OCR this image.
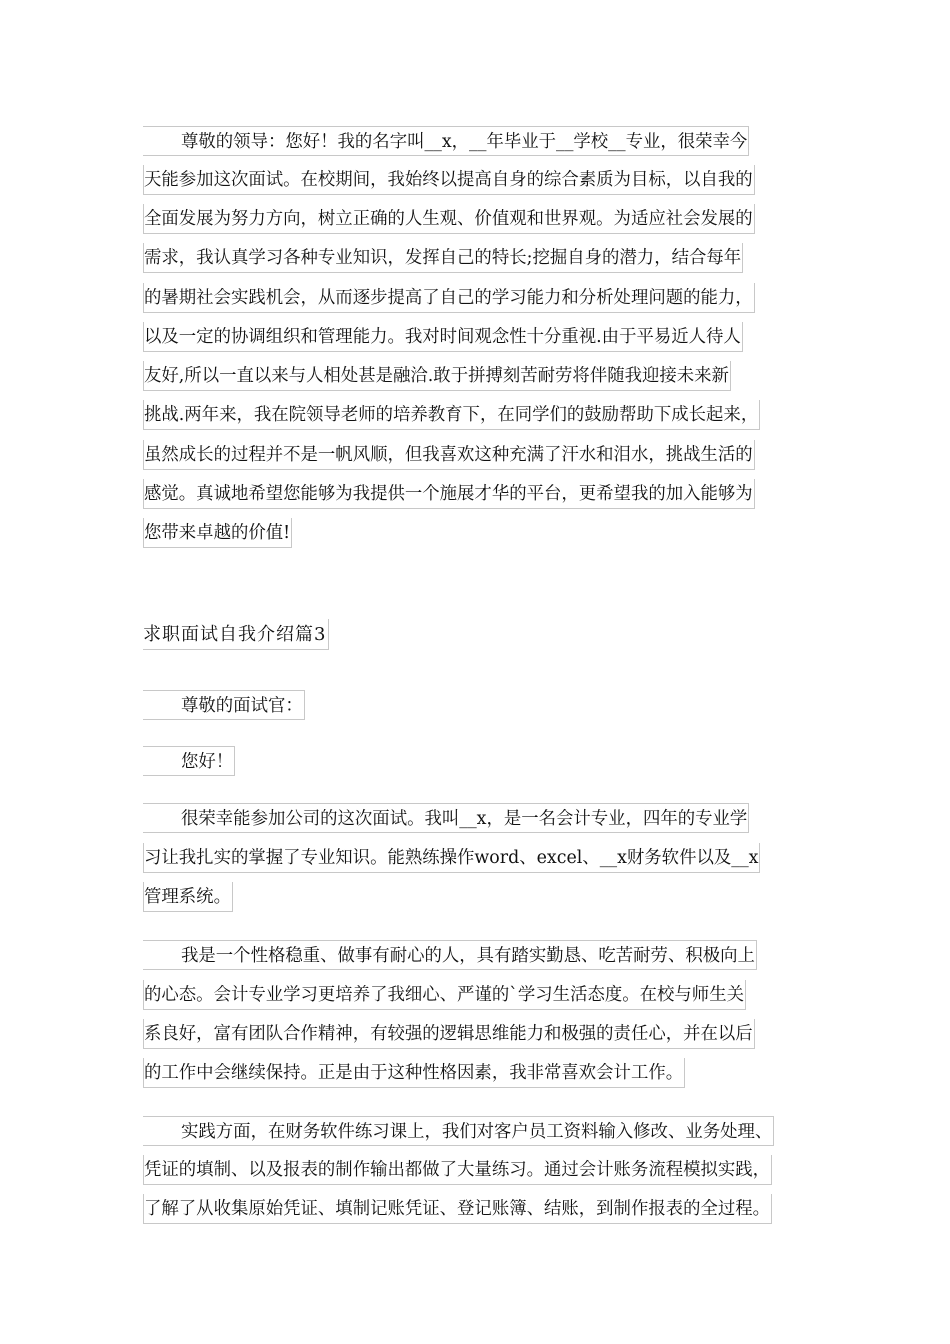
尊敬的领导：您好！我的名字叫__x，__年毕业于__学校__专业，很荣幸今
天能参加这次面试。在校期间，我始终以提高自身的综合素质为目标，以自我的
全面发展为努力方向，树立正确的人生观、价值观和世界观。为适应社会发展的
需求，我认真学习各种专业知识，发挥自己的特长;挖掘自身的潜力，结合每年
的暑期社会实践机会，从而逐步提高了自己的学习能力和分析处理问题的能力，
以及一定的协调组织和管理能力。我对时间观念性十分重视.由于平易近人待人
友好,所以一直以来与人相处甚是融洽.敢于拼搏刻苦耐劳将伴随我迎接未来新
挑战.两年来，我在院领导老师的培养教育下，在同学们的鼓励帮助下成长起来，
虽然成长的过程并不是一帆风顺，但我喜欢这种充满了汗水和泪水，挑战生活的
感觉。真诚地希望您能够为我提供一个施展才华的平台，更希望我的加入能够为
您带来卓越的价值!
求职面试自我介绍篇3
尊敬的面试官：
您好！
很荣幸能参加公司的这次面试。我叫__x，是一名会计专业，四年的专业学
习让我扎实的掌握了专业知识。能熟练操作word、excel、__x财务软件以及__x
管理系统。
我是一个性格稳重、做事有耐心的人，具有踏实勤恳、吃苦耐劳、积极向上
的心态。会计专业学习更培养了我细心、严谨的`学习生活态度。在校与师生关
系良好，富有团队合作精神，有较强的逻辑思维能力和极强的责任心，并在以后
的工作中会继续保持。正是由于这种性格因素，我非常喜欢会计工作。
实践方面，在财务软件练习课上，我们对客户员工资料输入修改、业务处理、
凭证的填制、以及报表的制作输出都做了大量练习。通过会计账务流程模拟实践，
了解了从收集原始凭证、填制记账凭证、登记账簿、结账，到制作报表的全过程。
